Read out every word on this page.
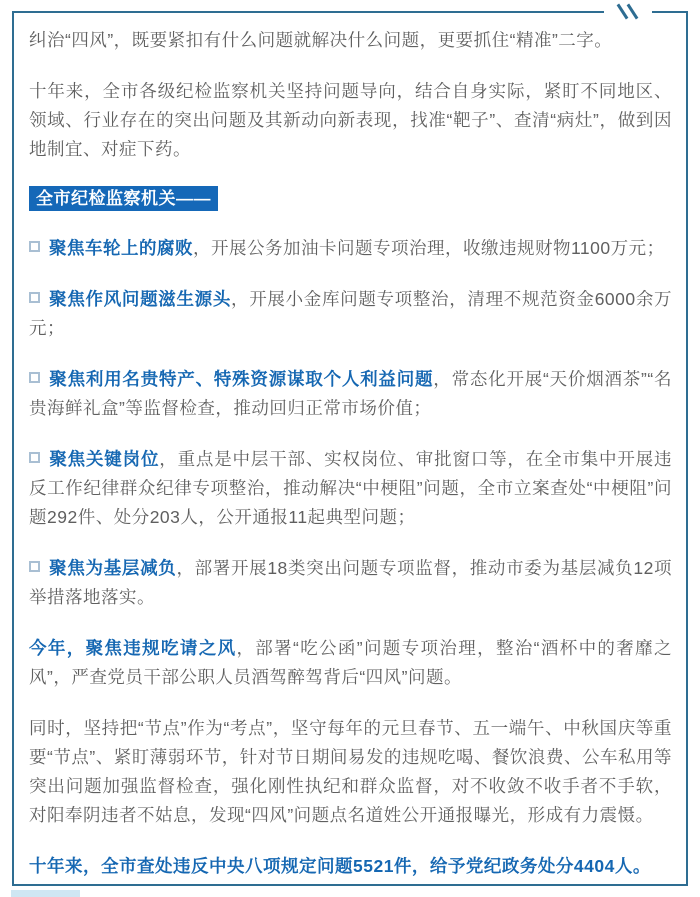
纠治“四风”，既要紧扣有什么问题就解决什么问题，更要抓住“精准”二字。

十年来，全市各级纪检监察机关坚持问题导向，结合自身实际，紧盯不同地区、领域、行业存在的突出问题及其新动向新表现，找准“靶子”、查清“病灶”，做到因地制宜、对症下药。

全市纪检监察机关——

聚焦车轮上的腐败，开展公务加油卡问题专项治理，收缴违规财物1100万元；

聚焦作风问题滋生源头，开展小金库问题专项整治，清理不规范资金6000余万元；

聚焦利用名贵特产、特殊资源谋取个人利益问题，常态化开展“天价烟酒茶”“名贵海鲜礼盒”等监督检查，推动回归正常市场价值；

聚焦关键岗位，重点是中层干部、实权岗位、审批窗口等，在全市集中开展违反工作纪律群众纪律专项整治，推动解决“中梗阻”问题，全市立案查处“中梗阻”问题292件、处分203人，公开通报11起典型问题；

聚焦为基层减负，部署开展18类突出问题专项监督，推动市委为基层减负12项举措落地落实。

今年，聚焦违规吃请之风，部署“吃公函”问题专项治理，整治“酒杯中的奢靡之风”，严查党员干部公职人员酒驾醉驾背后“四风”问题。

同时，坚持把“节点”作为“考点”，坚守每年的元旦春节、五一端午、中秋国庆等重要“节点”、紧盯薄弱环节，针对节日期间易发的违规吃喝、餐饮浪费、公车私用等突出问题加强监督检查，强化刚性执纪和群众监督，对不收敛不收手者不手软，对阳奉阴违者不姑息，发现“四风”问题点名道姓公开通报曝光，形成有力震慑。

十年来，全市查处违反中央八项规定问题5521件，给予党纪政务处分4404人。
